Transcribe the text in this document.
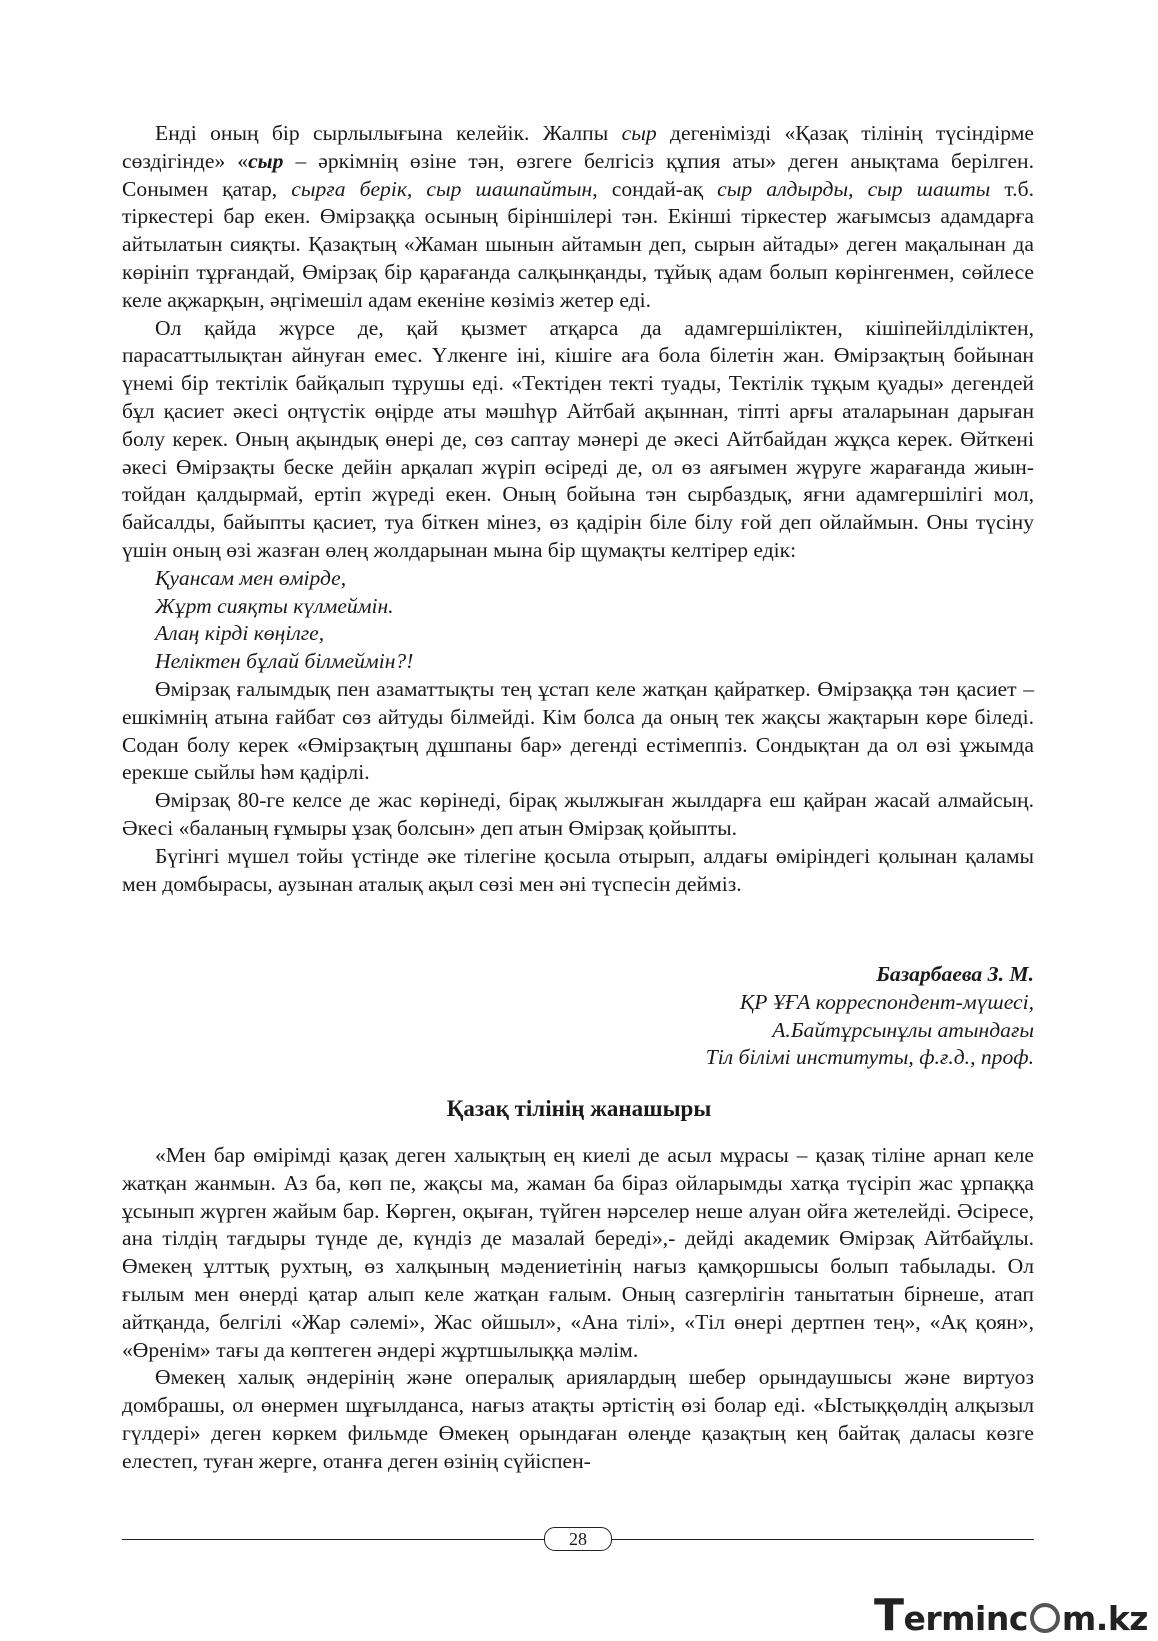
Енді оның бір сырлылығына келейік. Жалпы сыр дегенімізді «Қазақ тілінің түсіндірме сөздігінде» «сыр – әркімнің өзіне тән, өзгеге белгісіз құпия аты» деген анықтама берілген. Сонымен қатар, сырға берік, сыр шашпайтын, сондай-ақ сыр алдырды, сыр шашты т.б. тіркестері бар екен. Өмірзаққа осының біріншілері тән. Екінші тіркестер жағымсыз адамдарға айтылатын сияқты. Қазақтың «Жаман шынын айтамын деп, сырын айтады» деген мақалынан да көрініп тұрғандай, Өмірзақ бір қарағанда салқынқанды, тұйық адам болып көрінгенмен, сөйлесе келе ақжарқын, әңгімешіл адам екеніне көзіміз жетер еді.

Ол қайда жүрсе де, қай қызмет атқарса да адамгершіліктен, кішіпейілділіктен, парасаттылықтан айнуған емес. Үлкенге іні, кішіге аға бола білетін жан. Өмірзақтың бойынан үнемі бір тектілік байқалып тұрушы еді. «Тектіден текті туады, Тектілік тұқым қуады» дегендей бұл қасиет әкесі оңтүстік өңірде аты мәшһүр Айтбай ақыннан, тіпті арғы аталарынан дарыған болу керек. Оның ақындық өнері де, сөз саптау мәнері де әкесі Айтбайдан жұқса керек. Өйткені әкесі Өмірзақты беске дейін арқалап жүріп өсіреді де, ол өз аяғымен жүруге жарағанда жиын-тойдан қалдырмай, ертіп жүреді екен. Оның бойына тән сырбаздық, яғни адамгершілігі мол, байсалды, байыпты қасиет, туа біткен мінез, өз қадірін біле білу ғой деп ойлаймын. Оны түсіну үшін оның өзі жазған өлең жолдарынан мына бір щумақты келтірер едік:

Қуансам мен өмірде,
Жұрт сияқты күлмеймін.
Алаң кірді көңілге,
Неліктен бұлай білмеймін?!

Өмірзақ ғалымдық пен азаматтықты тең ұстап келе жатқан қайраткер. Өмірзаққа тән қасиет – ешкімнің атына ғайбат сөз айтуды білмейді. Кім болса да оның тек жақсы жақтарын көре біледі. Содан болу керек «Өмірзақтың дұшпаны бар» дегенді естімеппіз. Сондықтан да ол өзі ұжымда ерекше сыйлы һәм қадірлі.

Өмірзақ 80-ге келсе де жас көрінеді, бірақ жылжыған жылдарға еш қайран жасай алмайсың. Әкесі «баланың ғұмыры ұзақ болсын» деп атын Өмірзақ қойыпты.

Бүгінгі мүшел тойы үстінде әке тілегіне қосыла отырып, алдағы өміріндегі қолынан қаламы мен домбырасы, аузынан аталық ақыл сөзі мен әні түспесін дейміз.

Базарбаева З. М.
ҚР ҰҒА корреспондент-мүшесі,
А.Байтұрсынұлы атындағы
Тіл білімі институты, ф.ғ.д., проф.
Қазақ тілінің жанашыры

«Мен бар өмірімді қазақ деген халықтың ең киелі де асыл мұрасы – қазақ тіліне арнап келе жатқан жанмын. Аз ба, көп пе, жақсы ма, жаман ба біраз ойларымды хатқа түсіріп жас ұрпаққа ұсынып жүрген жайым бар. Көрген, оқыған, түйген нәрселер неше алуан ойға жетелейді. Әсіресе, ана тілдің тағдыры түнде де, күндіз де мазалай береді»,- дейді академик Өмірзақ Айтбайұлы. Өмекең ұлттық рухтың, өз халқының мәдениетінің нағыз қамқоршысы болып табылады. Ол ғылым мен өнерді қатар алып келе жатқан ғалым. Оның сазгерлігін танытатын бірнеше, атап айтқанда, белгілі «Жар сәлемі», Жас ойшыл», «Ана тілі», «Тіл өнері дертпен тең», «Ақ қоян», «Өренім» тағы да көптеген әндері жұртшылыққа мәлім.

Өмекең халық әндерінің және опералық ариялардың шебер орындаушысы және виртуоз домбрашы, ол өнермен шұғылданса, нағыз атақты әртістің өзі болар еді. «Ыстыққөлдің алқызыл гүлдері» деген көркем фильмде Өмекең орындаған өлеңде қазақтың кең байтақ даласы көзге елестеп, туған жерге, отанға деген өзінің сүйіспен-

28
Terminc m.kz
